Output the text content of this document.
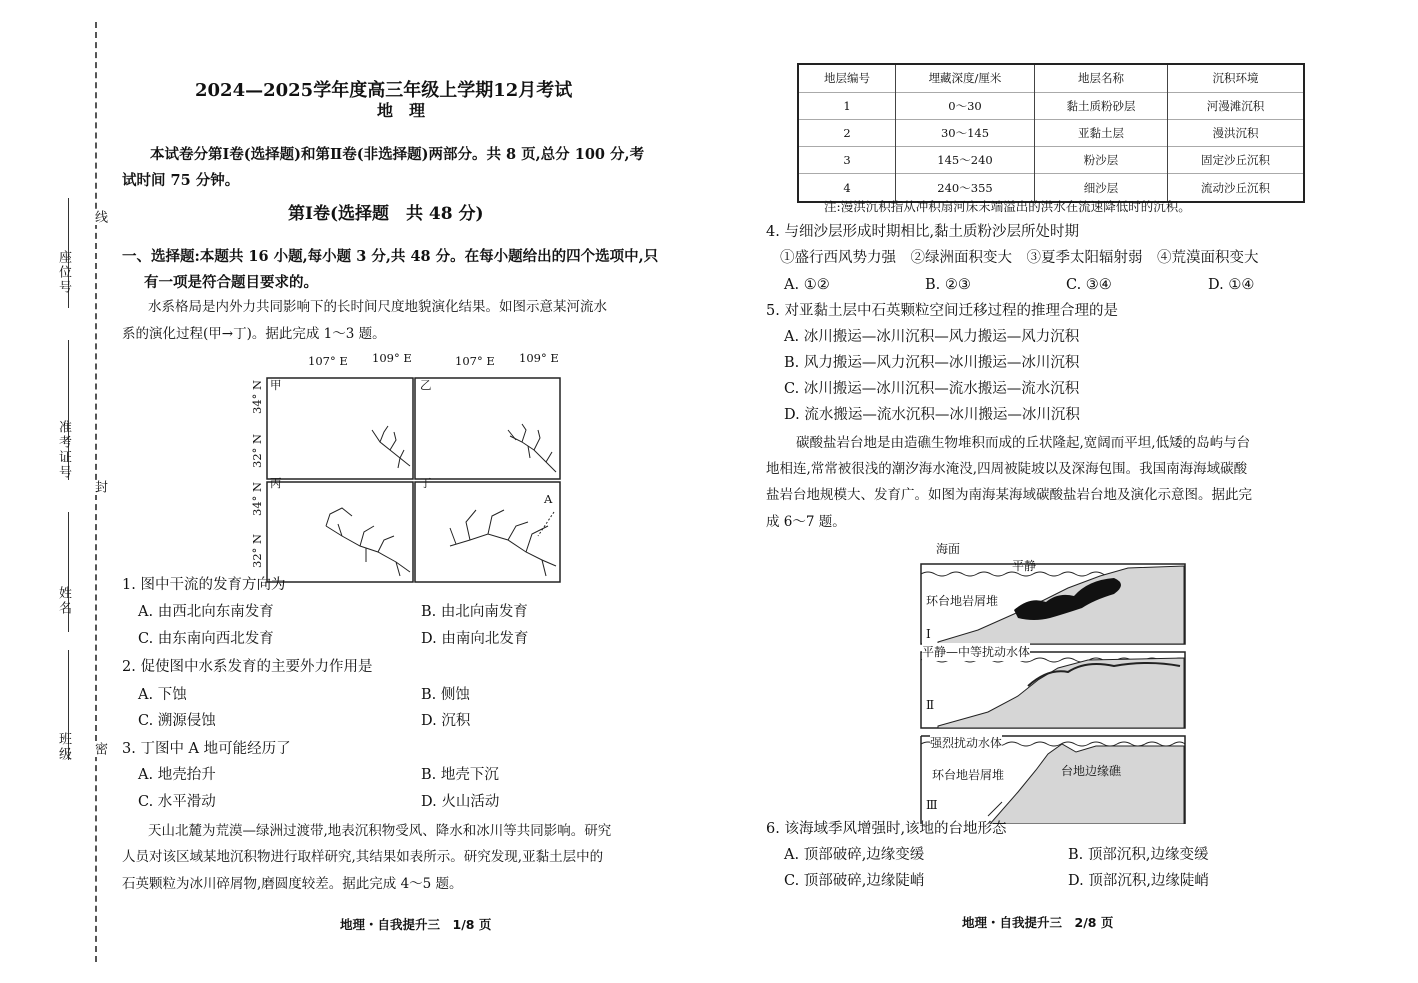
座位号
线
准考证号
封
姓名
班级 密
2024—2025学年度高三年级上学期12月考试
地　理
本试卷分第Ⅰ卷(选择题)和第Ⅱ卷(非选择题)两部分。共 8 页,总分 100 分,考
试时间 75 分钟。
第Ⅰ卷(选择题　共 48 分)
一、选择题:本题共 16 小题,每小题 3 分,共 48 分。在每小题给出的四个选项中,只
有一项是符合题目要求的。
水系格局是内外力共同影响下的长时间尺度地貌演化结果。如图示意某河流水
系的演化过程(甲→丁)。据此完成 1～3 题。
107° E 109° E	107° E 109° E
34° N
32° N
34° N
32° N
甲	乙
丙	丁
A
1. 图中干流的发育方向为
A. 由西北向东南发育	B. 由北向南发育
C. 由东南向西北发育	D. 由南向北发育
2. 促使图中水系发育的主要外力作用是
A. 下蚀	B. 侧蚀
C. 溯源侵蚀	D. 沉积
3. 丁图中 A 地可能经历了
A. 地壳抬升	B. 地壳下沉
C. 水平滑动	D. 火山活动
天山北麓为荒漠—绿洲过渡带,地表沉积物受风、降水和冰川等共同影响。研究
人员对该区域某地沉积物进行取样研究,其结果如表所示。研究发现,亚黏土层中的
石英颗粒为冰川碎屑物,磨圆度较差。据此完成 4～5 题。
地理・自我提升三　1/8 页
地层编号	埋藏深度/厘米	地层名称	沉积环境
1	0～30	黏土质粉砂层	河漫滩沉积
2	30～145	亚黏土层	漫洪沉积
3	145～240	粉沙层	固定沙丘沉积
4	240～355	细沙层	流动沙丘沉积
注:漫洪沉积指从冲积扇河床末端溢出的洪水在流速降低时的沉积。
4. 与细沙层形成时期相比,黏土质粉沙层所处时期
①盛行西风势力强　②绿洲面积变大　③夏季太阳辐射弱　④荒漠面积变大
A. ①②	B. ②③	C. ③④	D. ①④
5. 对亚黏土层中石英颗粒空间迁移过程的推理合理的是
A. 冰川搬运—冰川沉积—风力搬运—风力沉积
B. 风力搬运—风力沉积—冰川搬运—冰川沉积
C. 冰川搬运—冰川沉积—流水搬运—流水沉积
D. 流水搬运—流水沉积—冰川搬运—冰川沉积
碳酸盐岩台地是由造礁生物堆积而成的丘状隆起,宽阔而平坦,低矮的岛屿与台
地相连,常常被很浅的潮汐海水淹没,四周被陡坡以及深海包围。我国南海海域碳酸
盐岩台地规模大、发育广。如图为南海某海域碳酸盐岩台地及演化示意图。据此完
成 6～7 题。
海面
平静
环台地岩屑堆
Ⅰ
平静—中等扰动水体
Ⅱ
强烈扰动水体
环台地岩屑堆	台地边缘礁
Ⅲ
6. 该海域季风增强时,该地的台地形态
A. 顶部破碎,边缘变缓	B. 顶部沉积,边缘变缓
C. 顶部破碎,边缘陡峭	D. 顶部沉积,边缘陡峭
地理・自我提升三　2/8 页
